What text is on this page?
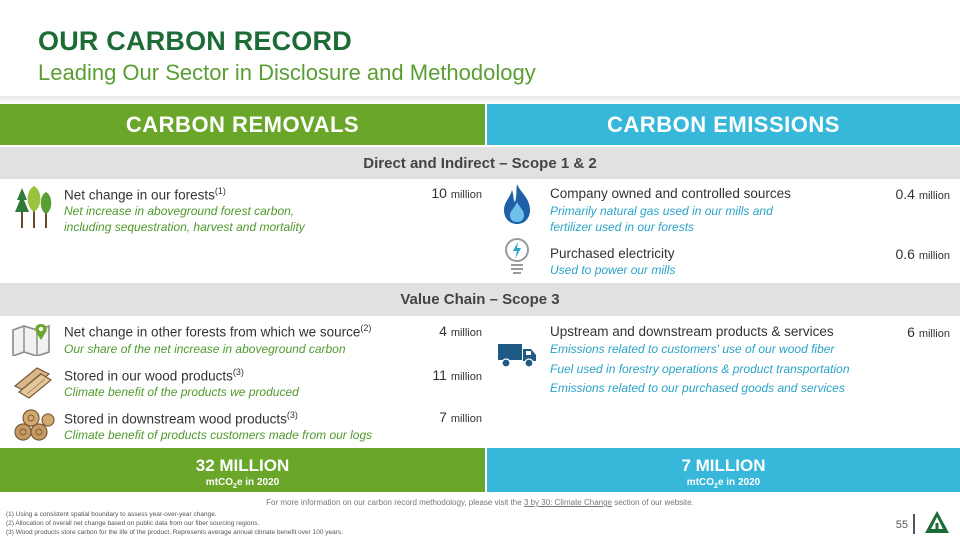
OUR CARBON RECORD
Leading Our Sector in Disclosure and Methodology
CARBON REMOVALS	CARBON EMISSIONS
Direct and Indirect – Scope 1 & 2
Net change in our forests$^{(1)}$
Net increase in aboveground forest carbon,
including sequestration, harvest and mortality
10 million	Company owned and controlled sources
Primarily natural gas used in our mills and
fertilizer used in our forests
0.4 million
Purchased electricity
Used to power our mills
0.6 million
Value Chain – Scope 3
Net change in other forests from which we source$^{(2)}$
Our share of the net increase in aboveground carbon
4 million
Stored in our wood products$^{(3)}$
Climate benefit of the products we produced
11 million
Stored in downstream wood products$^{(3)}$
Climate benefit of products customers made from our logs
7 million
Upstream and downstream products & services
Emissions related to customers' use of our wood fiber
Fuel used in forestry operations & product transportation
Emissions related to our purchased goods and services
6 million
32 MILLION
mtCO$_2$e in 2020
7 MILLION
mtCO$_2$e in 2020
For more information on our carbon record methodology, please visit the 3 by 30: Climate Change section of our website.
(1) Using a consistent spatial boundary to assess year-over-year change.
(2) Allocation of overall net change based on public data from our fiber sourcing regions.
(3) Wood products store carbon for the life of the product. Represents average annual climate benefit over 100 years.
55
